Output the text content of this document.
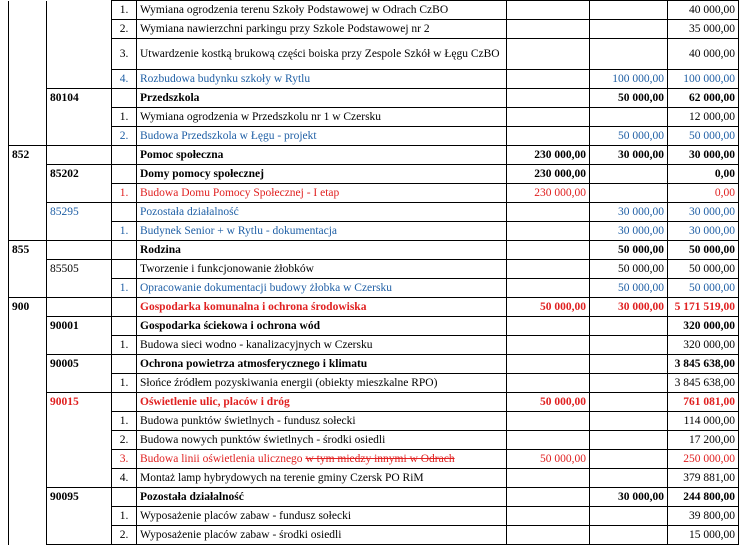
		1.	Wymiana ogrodzenia terenu Szkoły Podstawowej w Odrach CzBO			40 000,00
		2.	Wymiana nawierzchni parkingu przy Szkole Podstawowej nr 2			35 000,00
		3.	Utwardzenie kostką brukową części boiska przy Zespole Szkół w Łęgu CzBO			40 000,00
		4.	Rozbudowa budynku szkoły w Rytlu		100 000,00	100 000,00
	80104		Przedszkola		50 000,00	62 000,00
		1.	Wymiana ogrodzenia w Przedszkolu nr 1 w Czersku			12 000,00
		2.	Budowa Przedszkola w Łęgu - projekt		50 000,00	50 000,00
852			Pomoc społeczna	230 000,00	30 000,00	30 000,00
	85202		Domy pomocy społecznej	230 000,00		0,00
		1.	Budowa Domu Pomocy Społecznej - I etap	230 000,00		0,00
	85295		Pozostała działalność		30 000,00	30 000,00
		1.	Budynek Senior + w Rytlu - dokumentacja		30 000,00	30 000,00
855			Rodzina		50 000,00	50 000,00
	85505		Tworzenie i funkcjonowanie żłobków		50 000,00	50 000,00
		1.	Opracowanie dokumentacji budowy żłobka w Czersku		50 000,00	50 000,00
900			Gospodarka komunalna i ochrona środowiska	50 000,00	30 000,00	5 171 519,00
	90001		Gospodarka ściekowa i ochrona wód			320 000,00
		1.	Budowa sieci wodno - kanalizacyjnych w Czersku			320 000,00
	90005		Ochrona powietrza atmosferycznego i klimatu			3 845 638,00
		1.	Słońce źródłem pozyskiwania energii (obiekty mieszkalne RPO)			3 845 638,00
	90015		Oświetlenie ulic, placów i dróg	50 000,00		761 081,00
		1.	Budowa punktów świetlnych - fundusz sołecki			114 000,00
		2.	Budowa nowych punktów świetlnych - środki osiedli			17 200,00
		3.	Budowa linii oświetlenia ulicznego w tym miedzy innymi w Odrach	50 000,00		250 000,00
		4.	Montaż lamp hybrydowych na terenie gminy Czersk PO RiM			379 881,00
	90095		Pozostała działalność		30 000,00	244 800,00
		1.	Wyposażenie placów zabaw - fundusz sołecki			39 800,00
		2.	Wyposażenie placów zabaw - środki osiedli			15 000,00
